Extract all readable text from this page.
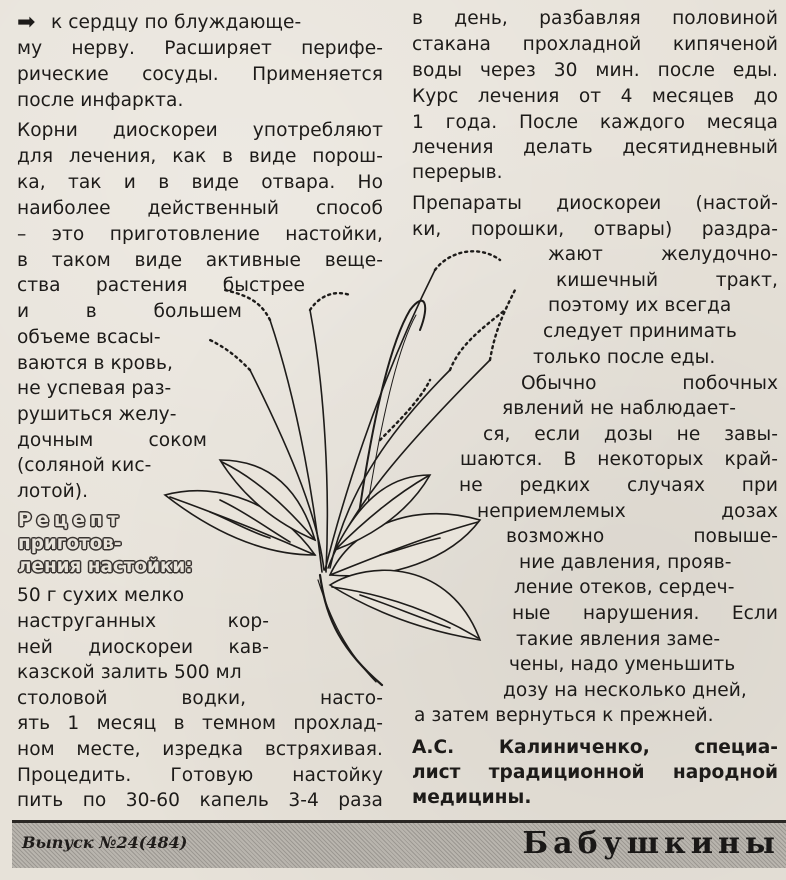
➡ к сердцу по блуждающе-
му нерву. Расширяет перифе-
рические сосуды. Применяется
после инфаркта.
Корни диоскореи употребляют
для лечения, как в виде порош-
ка, так и в виде отвара. Но
наиболее действенный способ
– это приготовление настойки,
в таком виде активные веще-
ства растения быстрее
и в большем
объеме всасы-
ваются в кровь,
не успевая раз-
рушиться желу-
дочным соком
(соляной кис-
лотой).
Рецепт
приготов-
ления настойки:
50 г сухих мелко
наструганных кор-
ней диоскореи кав-
казской залить 500 мл
столовой водки, насто-
ять 1 месяц в темном прохлад-
ном месте, изредка встряхивая.
Процедить. Готовую настойку
пить по 30-60 капель 3-4 раза
в день, разбавляя половиной
стакана прохладной кипяченой
воды через 30 мин. после еды.
Курс лечения от 4 месяцев до
1 года. После каждого месяца
лечения делать десятидневный
перерыв.
Препараты диоскореи (настой-
ки, порошки, отвары) раздра-
жают желудочно-
кишечный тракт,
поэтому их всегда
следует принимать
только после еды.
Обычно побочных
явлений не наблюдает-
ся, если дозы не завы-
шаются. В некоторых край-
не редких случаях при
неприемлемых дозах
возможно повыше-
ние давления, прояв-
ление отеков, сердеч-
ные нарушения. Если
такие явления заме-
чены, надо уменьшить
дозу на несколько дней,
а затем вернуться к прежней.
А.С. Калиниченко, специа-
лист традиционной народной
медицины.
Выпуск №24(484)	Бабушкины
